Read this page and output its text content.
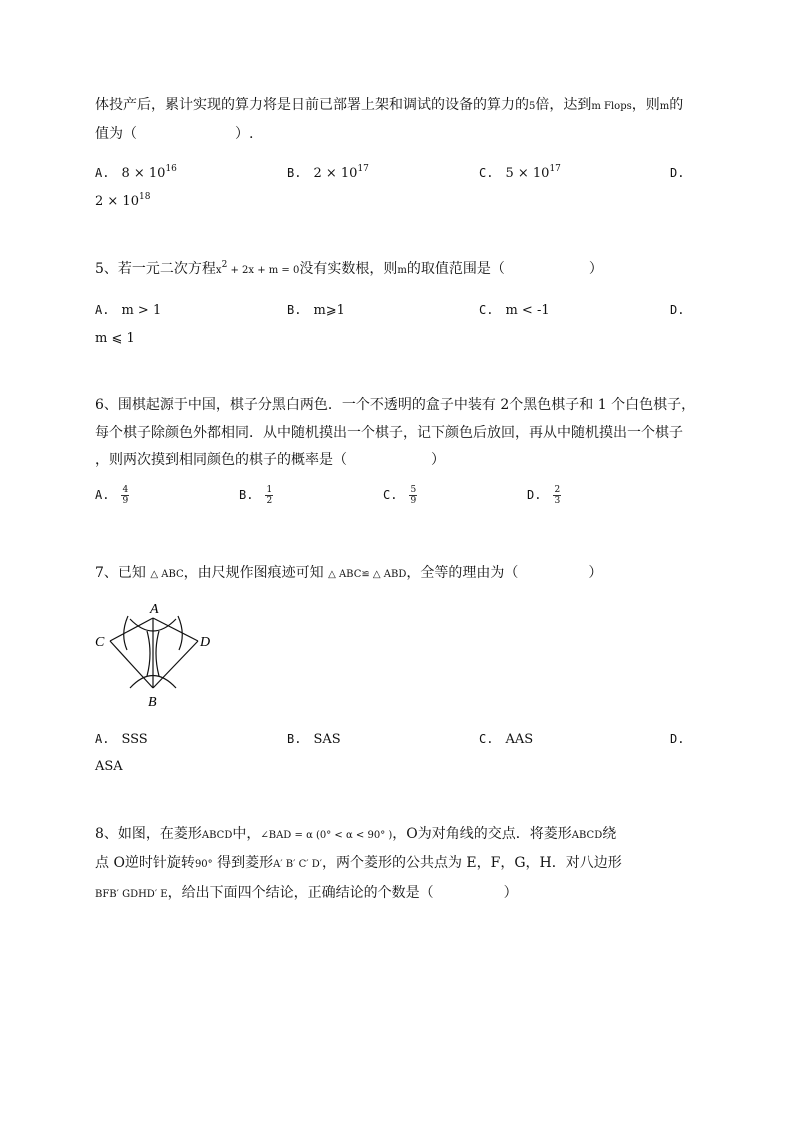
体投产后，累计实现的算力将是日前已部署上架和调试的设备的算力的5倍，达到m Flops，则m的
值为（　　　　　　　）.
A. $8 \times 10^{16}$	B. $2 \times 10^{17}$	C. $5 \times 10^{17}$	D.
$2 \times 10^{18}$
5、若一元二次方程$x^2 + 2x + m = 0$没有实数根，则m的取值范围是（　　　　　　）
A. m > 1	B. m⩾1	C. m < -1	D.
m ⩽ 1
6、围棋起源于中国，棋子分黑白两色．一个不透明的盒子中装有 2个黑色棋子和 1 个白色棋子，
每个棋子除颜色外都相同．从中随机摸出一个棋子，记下颜色后放回，再从中随机摸出一个棋子
，则两次摸到相同颜色的棋子的概率是（　　　　　　）
A. $\frac{4}{9}$	B. $\frac{1}{2}$	C. $\frac{5}{9}$	D. $\frac{2}{3}$
7、已知 △ ABC，由尺规作图痕迹可知 △ ABC≌ △ ABD，全等的理由为（　　　　　）
A
C	D
B
A. SSS	B. SAS	C. AAS	D.
ASA
8、如图，在菱形ABCD中，∠BAD = α (0° < α < 90° )，O为对角线的交点．将菱形ABCD绕
点 O逆时针旋转90° 得到菱形A′ B′ C′ D′，两个菱形的公共点为 E，F，G，H．对八边形
BFB′ GDHD′ E，给出下面四个结论，正确结论的个数是（　　　　　）
